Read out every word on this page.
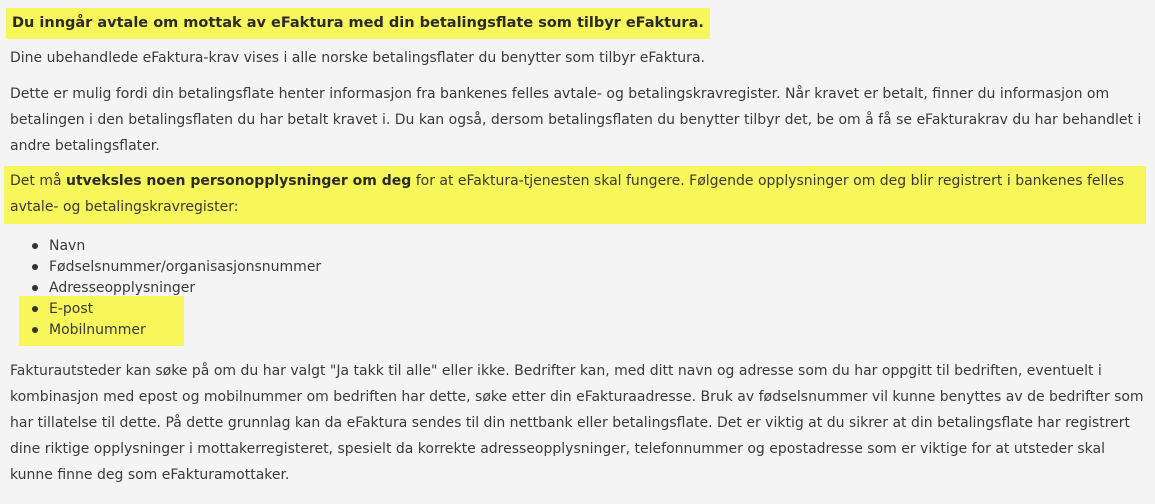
Du inngår avtale om mottak av eFaktura med din betalingsflate som tilbyr eFaktura.
Dine ubehandlede eFaktura-krav vises i alle norske betalingsflater du benytter som tilbyr eFaktura.
Dette er mulig fordi din betalingsflate henter informasjon fra bankenes felles avtale- og betalingskravregister. Når kravet er betalt, finner du informasjon om betalingen i den betalingsflaten du har betalt kravet i. Du kan også, dersom betalingsflaten du benytter tilbyr det, be om å få se eFakturakrav du har behandlet i andre betalingsflater.
Det må utveksles noen personopplysninger om deg for at eFaktura-tjenesten skal fungere. Følgende opplysninger om deg blir registrert i bankenes felles avtale- og betalingskravregister:
Navn
Fødselsnummer/organisasjonsnummer
Adresseopplysninger
E-post
Mobilnummer
Fakturautsteder kan søke på om du har valgt "Ja takk til alle" eller ikke. Bedrifter kan, med ditt navn og adresse som du har oppgitt til bedriften, eventuelt i kombinasjon med epost og mobilnummer om bedriften har dette, søke etter din eFakturaadresse. Bruk av fødselsnummer vil kunne benyttes av de bedrifter som har tillatelse til dette. På dette grunnlag kan da eFaktura sendes til din nettbank eller betalingsflate. Det er viktig at du sikrer at din betalingsflate har registrert dine riktige opplysninger i mottakerregisteret, spesielt da korrekte adresseopplysninger, telefonnummer og epostadresse som er viktige for at utsteder skal kunne finne deg som eFakturamottaker.
